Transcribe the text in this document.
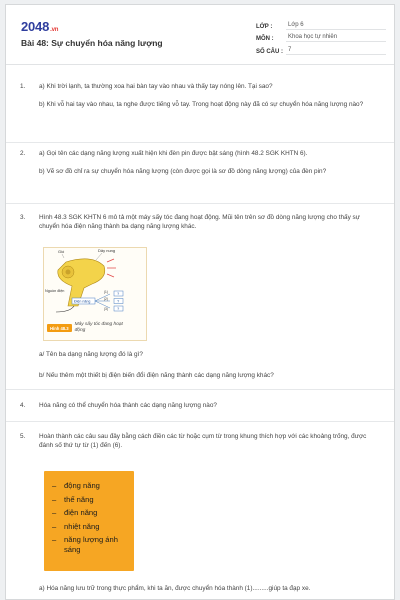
2048.vn
Bài 48: Sự chuyển hóa năng lượng
LỚP :	Lớp 6
MÔN :	Khoa học tự nhiên
SỐ CÂU : 7
1.	a) Khi trời lạnh, ta thường xoa hai bàn tay vào nhau và thấy tay nóng lên. Tại sao?

b) Khi vỗ hai tay vào nhau, ta nghe được tiếng vỗ tay. Trong hoạt động này đã có sự chuyển hóa năng lượng nào?

2.	a) Gọi tên các dạng năng lượng xuất hiện khi đèn pin được bật sáng (hình 48.2 SGK KHTN 6).

b) Vẽ sơ đồ chỉ ra sự chuyển hóa năng lượng (còn được gọi là sơ đồ dòng năng lượng) của đèn pin?

3.	Hình 48.3 SGK KHTN 6 mô tả một máy sấy tóc đang hoạt động. Mũi tên trên sơ đồ dòng năng lượng cho thấy sự chuyển hóa điện năng thành ba dạng năng lượng khác.

Gió	Dây nung
Nguồn điện
Điện năng
(1)
(2)
(3)
?
?
?
Hình 48.3
Máy sấy tóc đang hoạt động

a/ Tên ba dạng năng lượng đó là gì?

b/ Nếu thêm một thiết bị điện biến đổi điện năng thành các dạng năng lượng khác?

4.	Hóa năng có thể chuyển hóa thành các dạng năng lượng nào?

5.	Hoàn thành các câu sau đây bằng cách điền các từ hoặc cụm từ trong khung thích hợp với các khoảng trống, được đánh số thứ tự từ (1) đến (6).

–	động năng
–	thế năng
–	điện năng
–	nhiệt năng
–	năng lượng ánh sáng

a) Hóa năng lưu trữ trong thực phẩm, khi ta ăn, được chuyển hóa thành (1).........giúp ta đạp xe.
